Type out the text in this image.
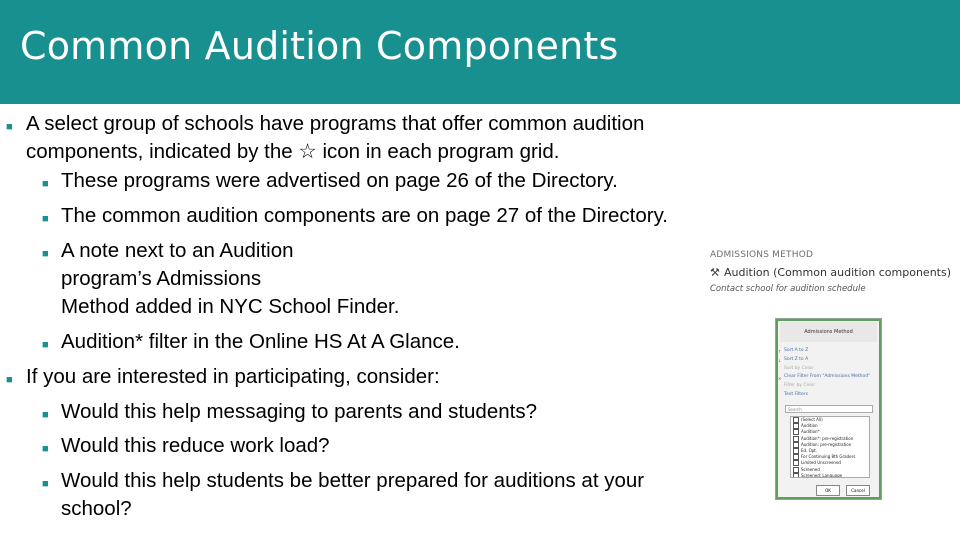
Common Audition Components
■ A select group of schools have programs that offer common audition
components, indicated by the ☆ icon in each program grid.
■ These programs were advertised on page 26 of the Directory.
■ The common audition components are on page 27 of the Directory.
■ A note next to an Audition
program’s Admissions
Method added in NYC School Finder.
■ Audition* filter in the Online HS At A Glance.
■ If you are interested in participating, consider:
■ Would this help messaging to parents and students?
■ Would this reduce work load?
■ Would this help students be better prepared for auditions at your
school?
ADMISSIONS METHOD
⚒ Audition (Common audition components)
Contact school for audition schedule
Admissions Method
↑
↓

✕

Sort A to Z
Sort Z to A
Sort by Color
Clear Filter From "Admissions Method"
Filter by Color
Text Filters
Search
(Select All)
Audition
Audition*
Audition*: pre-registration
Audition: pre-registration
Ed. Opt.
For Continuing 8th Graders
Limited Unscreened
Screened
Screened: Language
OK	Cancel
